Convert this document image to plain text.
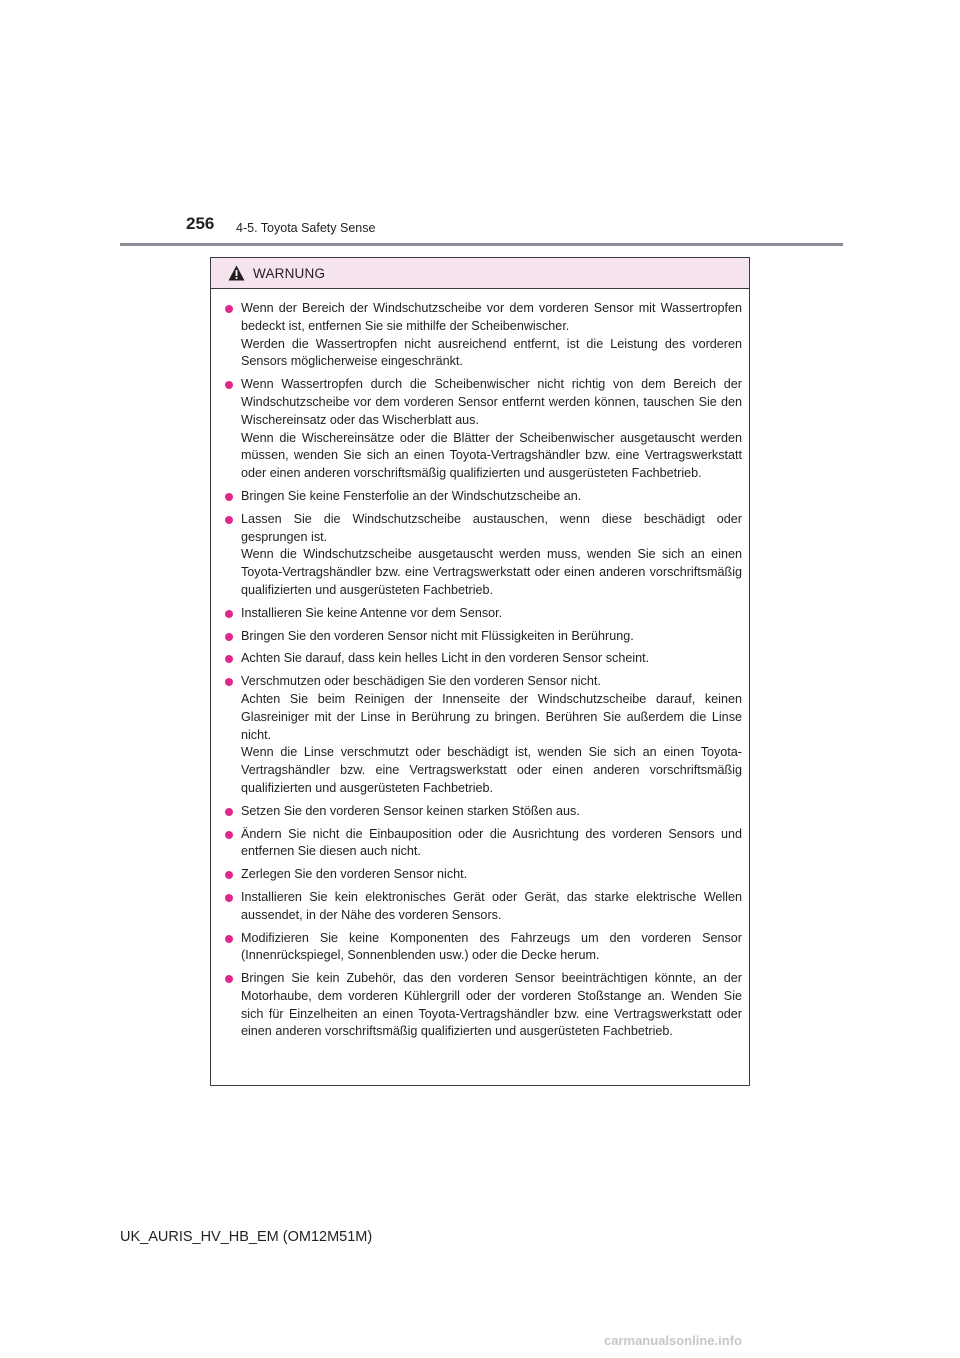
256 4-5. Toyota Safety Sense
WARNUNG

Wenn der Bereich der Windschutzscheibe vor dem vorderen Sensor mit Wassertropfen bedeckt ist, entfernen Sie sie mithilfe der Scheibenwischer.

Werden die Wassertropfen nicht ausreichend entfernt, ist die Leistung des vorderen Sensors möglicherweise eingeschränkt.

Wenn Wassertropfen durch die Scheibenwischer nicht richtig von dem Bereich der Windschutzscheibe vor dem vorderen Sensor entfernt werden können, tauschen Sie den Wischereinsatz oder das Wischerblatt aus.

Wenn die Wischereinsätze oder die Blätter der Scheibenwischer ausgetauscht werden müssen, wenden Sie sich an einen Toyota-Vertragshändler bzw. eine Vertragswerkstatt oder einen anderen vorschriftsmäßig qualifizierten und ausgerüsteten Fachbetrieb.

Bringen Sie keine Fensterfolie an der Windschutzscheibe an.

Lassen Sie die Windschutzscheibe austauschen, wenn diese beschädigt oder gesprungen ist.

Wenn die Windschutzscheibe ausgetauscht werden muss, wenden Sie sich an einen Toyota-Vertragshändler bzw. eine Vertragswerkstatt oder einen anderen vorschriftsmäßig qualifizierten und ausgerüsteten Fachbetrieb.

Installieren Sie keine Antenne vor dem Sensor.

Bringen Sie den vorderen Sensor nicht mit Flüssigkeiten in Berührung.

Achten Sie darauf, dass kein helles Licht in den vorderen Sensor scheint.

Verschmutzen oder beschädigen Sie den vorderen Sensor nicht.

Achten Sie beim Reinigen der Innenseite der Windschutzscheibe darauf, keinen Glasreiniger mit der Linse in Berührung zu bringen. Berühren Sie außerdem die Linse nicht.

Wenn die Linse verschmutzt oder beschädigt ist, wenden Sie sich an einen Toyota-Vertragshändler bzw. eine Vertragswerkstatt oder einen anderen vorschriftsmäßig qualifizierten und ausgerüsteten Fachbetrieb.

Setzen Sie den vorderen Sensor keinen starken Stößen aus.

Ändern Sie nicht die Einbauposition oder die Ausrichtung des vorderen Sensors und entfernen Sie diesen auch nicht.

Zerlegen Sie den vorderen Sensor nicht.

Installieren Sie kein elektronisches Gerät oder Gerät, das starke elektrische Wellen aussendet, in der Nähe des vorderen Sensors.

Modifizieren Sie keine Komponenten des Fahrzeugs um den vorderen Sensor (Innenrückspiegel, Sonnenblenden usw.) oder die Decke herum.

Bringen Sie kein Zubehör, das den vorderen Sensor beeinträchtigen könnte, an der Motorhaube, dem vorderen Kühlergrill oder der vorderen Stoßstange an. Wenden Sie sich für Einzelheiten an einen Toyota-Vertragshändler bzw. eine Vertragswerkstatt oder einen anderen vorschriftsmäßig qualifizierten und ausgerüsteten Fachbetrieb.

UK_AURIS_HV_HB_EM (OM12M51M)
carmanualsonline.info
